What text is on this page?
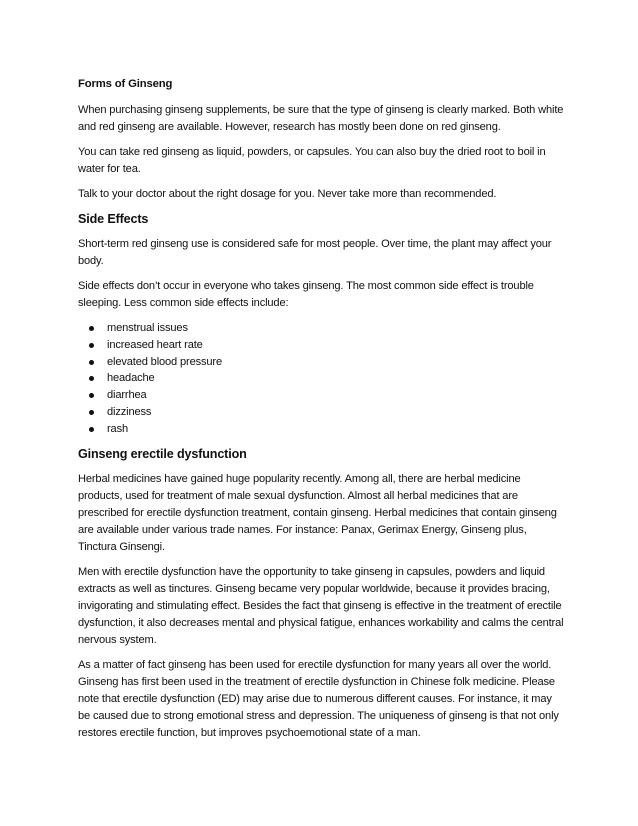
Forms of Ginseng

When purchasing ginseng supplements, be sure that the type of ginseng is clearly marked. Both white and red ginseng are available. However, research has mostly been done on red ginseng.

You can take red ginseng as liquid, powders, or capsules. You can also buy the dried root to boil in water for tea.

Talk to your doctor about the right dosage for you. Never take more than recommended.

Side Effects

Short-term red ginseng use is considered safe for most people. Over time, the plant may affect your body.

Side effects don’t occur in everyone who takes ginseng. The most common side effect is trouble sleeping. Less common side effects include:

menstrual issues
increased heart rate
elevated blood pressure
headache
diarrhea
dizziness
rash
Ginseng erectile dysfunction

Herbal medicines have gained huge popularity recently. Among all, there are herbal medicine products, used for treatment of male sexual dysfunction. Almost all herbal medicines that are prescribed for erectile dysfunction treatment, contain ginseng. Herbal medicines that contain ginseng are available under various trade names. For instance: Panax, Gerimax Energy, Ginseng plus, Tinctura Ginsengi.

Men with erectile dysfunction have the opportunity to take ginseng in capsules, powders and liquid extracts as well as tinctures. Ginseng became very popular worldwide, because it provides bracing, invigorating and stimulating effect. Besides the fact that ginseng is effective in the treatment of erectile dysfunction, it also decreases mental and physical fatigue, enhances workability and calms the central nervous system.

As a matter of fact ginseng has been used for erectile dysfunction for many years all over the world. Ginseng has first been used in the treatment of erectile dysfunction in Chinese folk medicine. Please note that erectile dysfunction (ED) may arise due to numerous different causes. For instance, it may be caused due to strong emotional stress and depression. The uniqueness of ginseng is that not only restores erectile function, but improves psychoemotional state of a man.
